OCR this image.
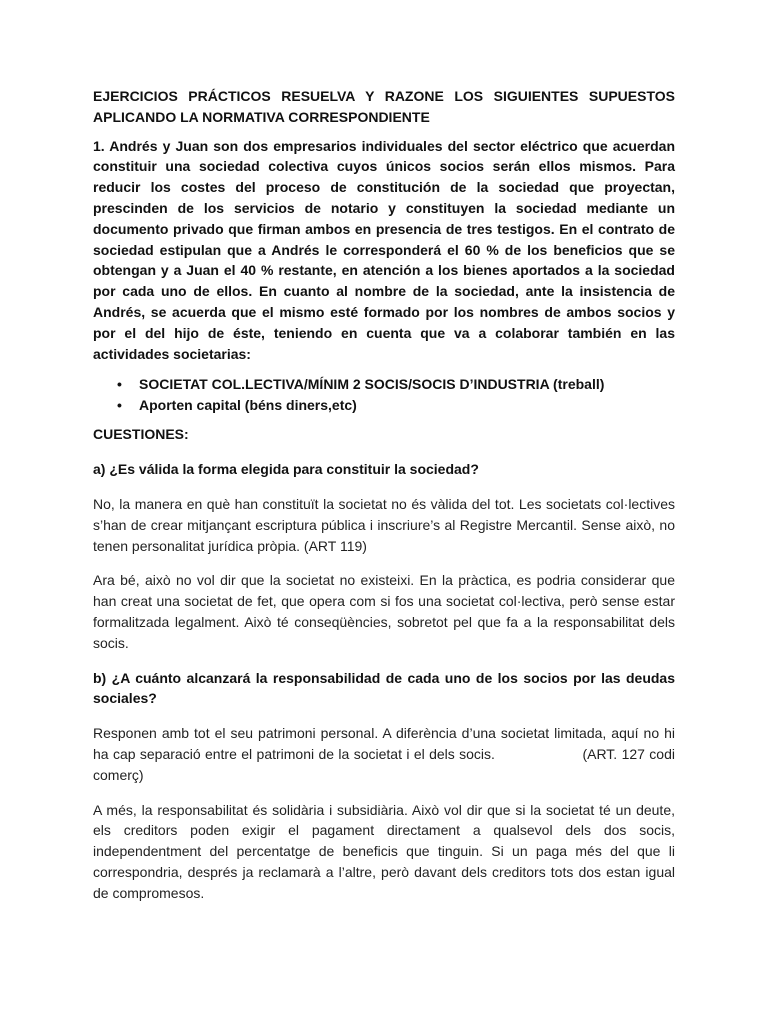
EJERCICIOS PRÁCTICOS RESUELVA Y RAZONE LOS SIGUIENTES SUPUESTOS APLICANDO LA NORMATIVA CORRESPONDIENTE

1. Andrés y Juan son dos empresarios individuales del sector eléctrico que acuerdan constituir una sociedad colectiva cuyos únicos socios serán ellos mismos. Para reducir los costes del proceso de constitución de la sociedad que proyectan, prescinden de los servicios de notario y constituyen la sociedad mediante un documento privado que firman ambos en presencia de tres testigos. En el contrato de sociedad estipulan que a Andrés le corresponderá el 60 % de los beneficios que se obtengan y a Juan el 40 % restante, en atención a los bienes aportados a la sociedad por cada uno de ellos. En cuanto al nombre de la sociedad, ante la insistencia de Andrés, se acuerda que el mismo esté formado por los nombres de ambos socios y por el del hijo de éste, teniendo en cuenta que va a colaborar también en las actividades societarias:

• SOCIETAT COL.LECTIVA/MÍNIM 2 SOCIS/SOCIS D’INDUSTRIA (treball)
• Aporten capital (béns diners,etc)

CUESTIONES:

a) ¿Es válida la forma elegida para constituir la sociedad?

No, la manera en què han constituït la societat no és vàlida del tot. Les societats col·lectives s’han de crear mitjançant escriptura pública i inscriure’s al Registre Mercantil. Sense això, no tenen personalitat jurídica pròpia. (ART 119)

Ara bé, això no vol dir que la societat no existeixi. En la pràctica, es podria considerar que han creat una societat de fet, que opera com si fos una societat col·lectiva, però sense estar formalitzada legalment. Això té conseqüències, sobretot pel que fa a la responsabilitat dels socis.

b) ¿A cuánto alcanzará la responsabilidad de cada uno de los socios por las deudas sociales?

Responen amb tot el seu patrimoni personal. A diferència d’una societat limitada, aquí no hi ha cap separació entre el patrimoni de la societat i el dels socis.                    (ART. 127 codi comerç)

A més, la responsabilitat és solidària i subsidiària. Això vol dir que si la societat té un deute, els creditors poden exigir el pagament directament a qualsevol dels dos socis, independentment del percentatge de beneficis que tinguin. Si un paga més del que li correspondria, després ja reclamarà a l’altre, però davant dels creditors tots dos estan igual de compromesos.
